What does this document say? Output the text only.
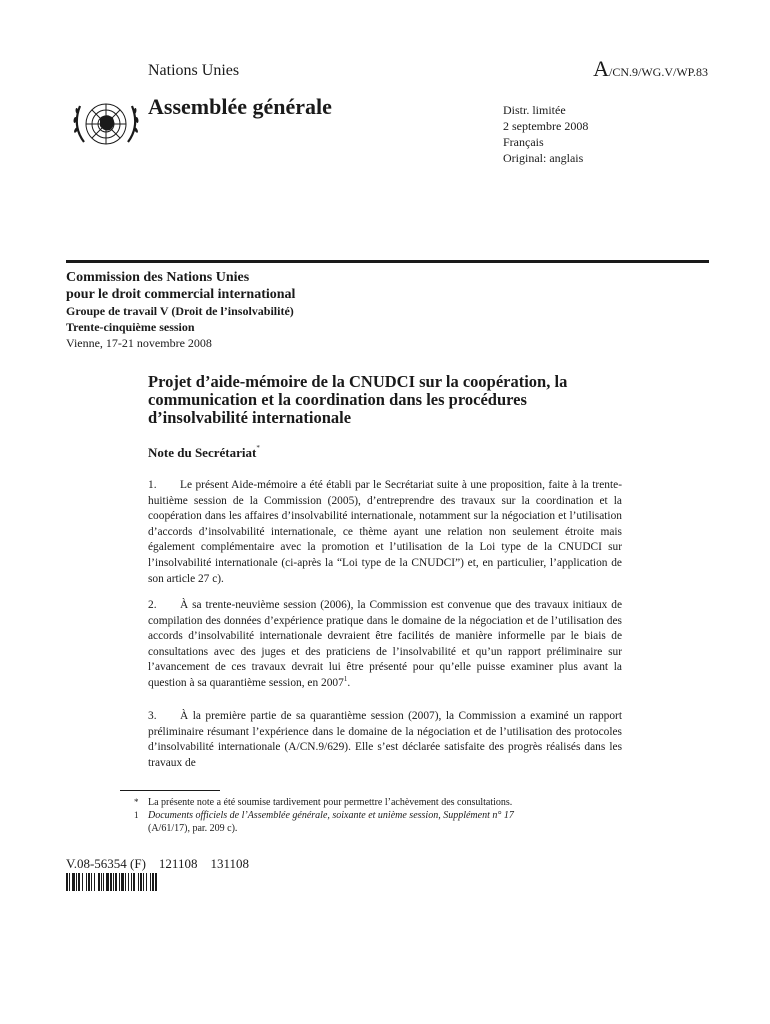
Nations Unies	A/CN.9/WG.V/WP.83
Assemblée générale	Distr. limitée
2 septembre 2008
Français
Original: anglais
Commission des Nations Unies
pour le droit commercial international
Groupe de travail V (Droit de l’insolvabilité)
Trente-cinquième session
Vienne, 17-21 novembre 2008
Projet d’aide-mémoire de la CNUDCI sur la coopération, la communication et la coordination dans les procédures d’insolvabilité internationale
Note du Secrétariat*
1. Le présent Aide-mémoire a été établi par le Secrétariat suite à une proposition, faite à la trente-huitième session de la Commission (2005), d’entreprendre des travaux sur la coordination et la coopération dans les affaires d’insolvabilité internationale, notamment sur la négociation et l’utilisation d’accords d’insolvabilité internationale, ce thème ayant une relation non seulement étroite mais également complémentaire avec la promotion et l’utilisation de la Loi type de la CNUDCI sur l’insolvabilité internationale (ci-après la “Loi type de la CNUDCI”) et, en particulier, l’application de son article 27 c).
2. À sa trente-neuvième session (2006), la Commission est convenue que des travaux initiaux de compilation des données d’expérience pratique dans le domaine de la négociation et de l’utilisation des accords d’insolvabilité internationale devraient être facilités de manière informelle par le biais de consultations avec des juges et des praticiens de l’insolvabilité et qu’un rapport préliminaire sur l’avancement de ces travaux devrait lui être présenté pour qu’elle puisse examiner plus avant la question à sa quarantième session, en 2007$^1$.
3. À la première partie de sa quarantième session (2007), la Commission a examiné un rapport préliminaire résumant l’expérience dans le domaine de la négociation et de l’utilisation des protocoles d’insolvabilité internationale (A/CN.9/629). Elle s’est déclarée satisfaite des progrès réalisés dans les travaux de
* La présente note a été soumise tardivement pour permettre l’achèvement des consultations.
1 Documents officiels de l’Assemblée générale, soixante et unième session, Supplément n° 17
(A/61/17), par. 209 c).
V.08-56354 (F)    121108    131108
